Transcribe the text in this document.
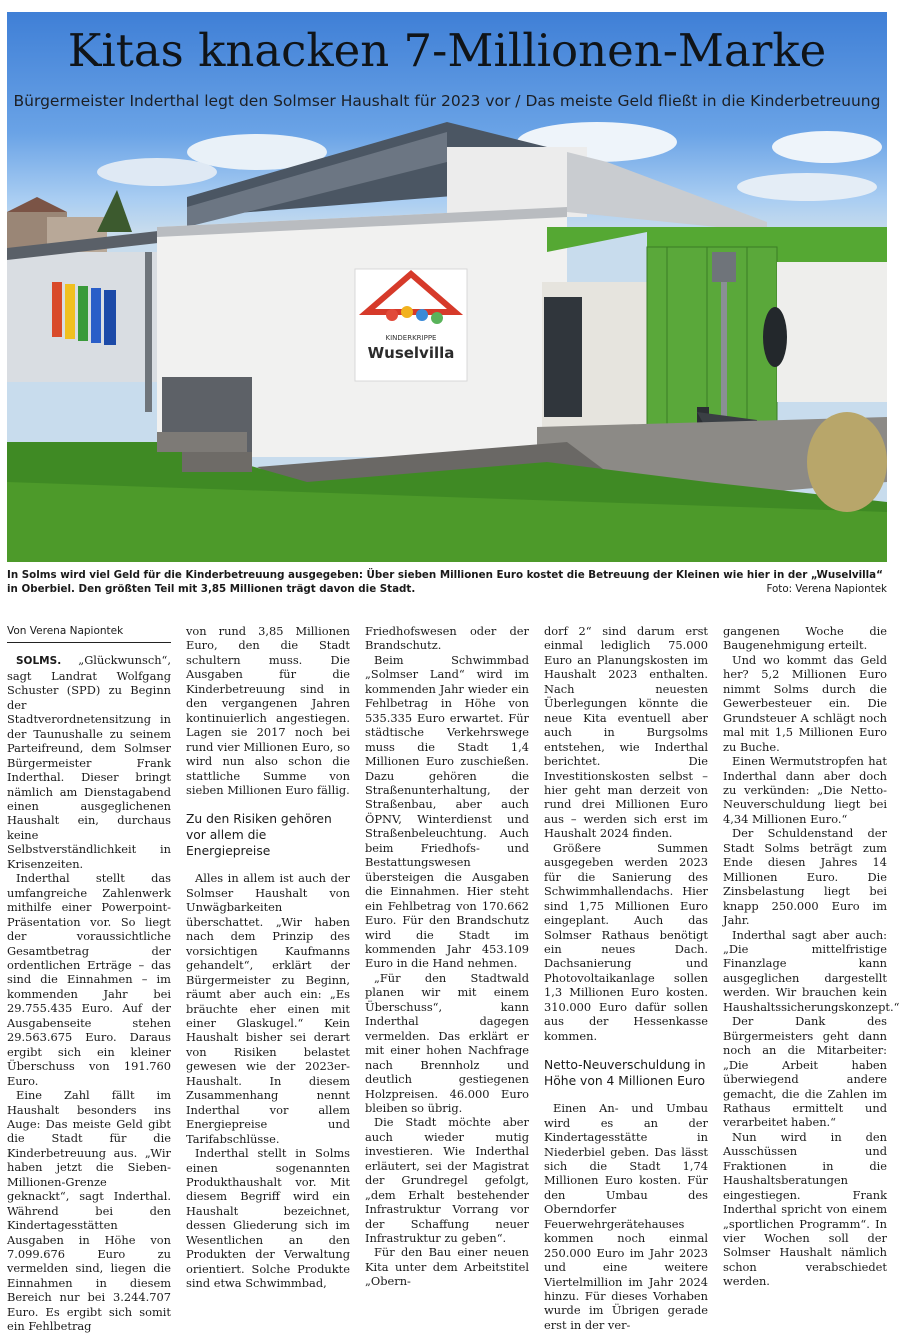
KINDERKRIPPE
Wuselvilla
Kitas knacken 7-Millionen-Marke
Bürgermeister Inderthal legt den Solmser Haushalt für 2023 vor / Das meiste Geld fließt in die Kinderbetreuung
In Solms wird viel Geld für die Kinderbetreuung ausgegeben: Über sieben Millionen Euro kostet die Betreuung der Kleinen wie hier in der „Wuselvilla“ in Oberbiel. Den größten Teil mit 3,85 Millionen trägt davon die Stadt.	Foto: Verena Napiontek
Von Verena Napiontek

SOLMS. „Glückwunsch“, sagt Landrat Wolfgang Schuster (SPD) zu Beginn der Stadtverordnetensitzung in der Taunushalle zu seinem Parteifreund, dem Solmser Bürgermeister Frank Inderthal. Dieser bringt nämlich am Dienstagabend einen ausgeglichenen Haushalt ein, durchaus keine Selbstverständlichkeit in Krisenzeiten.

Inderthal stellt das umfangreiche Zahlenwerk mithilfe einer Powerpoint-Präsentation vor. So liegt der voraussichtliche Gesamtbetrag der ordentlichen Erträge – das sind die Einnahmen – im kommenden Jahr bei 29.755.435 Euro. Auf der Ausgabenseite stehen 29.563.675 Euro. Daraus ergibt sich ein kleiner Überschuss von 191.760 Euro.

Eine Zahl fällt im Haushalt besonders ins Auge: Das meiste Geld gibt die Stadt für die Kinderbetreuung aus. „Wir haben jetzt die Sieben-Millionen-Grenze geknackt“, sagt Inderthal. Während bei den Kindertagesstätten Ausgaben in Höhe von 7.099.676 Euro zu vermelden sind, liegen die Einnahmen in diesem Bereich nur bei 3.244.707 Euro. Es ergibt sich somit ein Fehlbetrag

von rund 3,85 Millionen Euro, den die Stadt schultern muss. Die Ausgaben für die Kinderbetreuung sind in den vergangenen Jahren kontinuierlich angestiegen. Lagen sie 2017 noch bei rund vier Millionen Euro, so wird nun also schon die stattliche Summe von sieben Millionen Euro fällig.

Zu den Risiken gehören vor allem die Energiepreise

Alles in allem ist auch der Solmser Haushalt von Unwägbarkeiten überschattet. „Wir haben nach dem Prinzip des vorsichtigen Kaufmanns gehandelt“, erklärt der Bürgermeister zu Beginn, räumt aber auch ein: „Es bräuchte eher einen mit einer Glaskugel.“ Kein Haushalt bisher sei derart von Risiken belastet gewesen wie der 2023er-Haushalt. In diesem Zusammenhang nennt Inderthal vor allem Energiepreise und Tarifabschlüsse.

Inderthal stellt in Solms einen sogenannten Produkthaushalt vor. Mit diesem Begriff wird ein Haushalt bezeichnet, dessen Gliederung sich im Wesentlichen an den Produkten der Verwaltung orientiert. Solche Produkte sind etwa Schwimmbad,

Friedhofswesen oder der Brandschutz.

Beim Schwimmbad „Solmser Land“ wird im kommenden Jahr wieder ein Fehlbetrag in Höhe von 535.335 Euro erwartet. Für städtische Verkehrswege muss die Stadt 1,4 Millionen Euro zuschießen. Dazu gehören die Straßenunterhaltung, der Straßenbau, aber auch ÖPNV, Winterdienst und Straßenbeleuchtung. Auch beim Friedhofs- und Bestattungswesen übersteigen die Ausgaben die Einnahmen. Hier steht ein Fehlbetrag von 170.662 Euro. Für den Brandschutz wird die Stadt im kommenden Jahr 453.109 Euro in die Hand nehmen.

„Für den Stadtwald planen wir mit einem Überschuss“, kann Inderthal dagegen vermelden. Das erklärt er mit einer hohen Nachfrage nach Brennholz und deutlich gestiegenen Holzpreisen. 46.000 Euro bleiben so übrig.

Die Stadt möchte aber auch wieder mutig investieren. Wie Inderthal erläutert, sei der Magistrat der Grundregel gefolgt, „dem Erhalt bestehender Infrastruktur Vorrang vor der Schaffung neuer Infrastruktur zu geben“.

Für den Bau einer neuen Kita unter dem Arbeitstitel „Obern-

dorf 2“ sind darum erst einmal lediglich 75.000 Euro an Planungskosten im Haushalt 2023 enthalten. Nach neuesten Überlegungen könnte die neue Kita eventuell aber auch in Burgsolms entstehen, wie Inderthal berichtet. Die Investitionskosten selbst – hier geht man derzeit von rund drei Millionen Euro aus – werden sich erst im Haushalt 2024 finden.

Größere Summen ausgegeben werden 2023 für die Sanierung des Schwimmhallendachs. Hier sind 1,75 Millionen Euro eingeplant. Auch das Solmser Rathaus benötigt ein neues Dach. Dachsanierung und Photovoltaikanlage sollen 1,3 Millionen Euro kosten. 310.000 Euro dafür sollen aus der Hessenkasse kommen.

Netto-Neuverschuldung in Höhe von 4 Millionen Euro

Einen An- und Umbau wird es an der Kindertagesstätte in Niederbiel geben. Das lässt sich die Stadt 1,74 Millionen Euro kosten. Für den Umbau des Oberndorfer Feuerwehrgerätehauses kommen noch einmal 250.000 Euro im Jahr 2023 und eine weitere Viertelmillion im Jahr 2024 hinzu. Für dieses Vorhaben wurde im Übrigen gerade erst in der ver-

gangenen Woche die Baugenehmigung erteilt.

Und wo kommt das Geld her? 5,2 Millionen Euro nimmt Solms durch die Gewerbesteuer ein. Die Grundsteuer A schlägt noch mal mit 1,5 Millionen Euro zu Buche.

Einen Wermutstropfen hat Inderthal dann aber doch zu verkünden: „Die Netto-Neuverschuldung liegt bei 4,34 Millionen Euro.“

Der Schuldenstand der Stadt Solms beträgt zum Ende diesen Jahres 14 Millionen Euro. Die Zinsbelastung liegt bei knapp 250.000 Euro im Jahr.

Inderthal sagt aber auch: „Die mittelfristige Finanzlage kann ausgeglichen dargestellt werden. Wir brauchen kein Haushaltssicherungskonzept.“

Der Dank des Bürgermeisters geht dann noch an die Mitarbeiter: „Die Arbeit haben überwiegend andere gemacht, die die Zahlen im Rathaus ermittelt und verarbeitet haben.“

Nun wird in den Ausschüssen und Fraktionen in die Haushaltsberatungen eingestiegen. Frank Inderthal spricht von einem „sportlichen Programm“. In vier Wochen soll der Solmser Haushalt nämlich schon verabschiedet werden.
